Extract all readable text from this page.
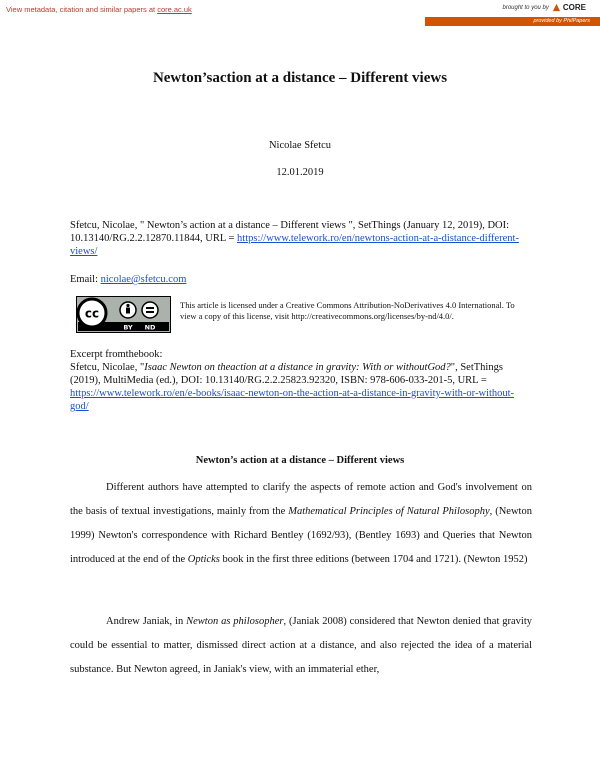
View metadata, citation and similar papers at core.ac.uk	brought to you by CORE
provided by PhilPapers
Newton’saction at a distance – Different views
Nicolae Sfetcu
12.01.2019
Sfetcu, Nicolae, " Newton’s action at a distance – Different views ", SetThings (January 12, 2019), DOI: 10.13140/RG.2.2.12870.11844, URL = https://www.telework.ro/en/newtons-action-at-a-distance-different-views/
Email: nicolae@sfetcu.com
cc
BY ND
This article is licensed under a Creative Commons Attribution-NoDerivatives 4.0 International. To view a copy of this license, visit http://creativecommons.org/licenses/by-nd/4.0/.
Excerpt fromthebook:
Sfetcu, Nicolae, "Isaac Newton on theaction at a distance in gravity: With or withoutGod?", SetThings (2019), MultiMedia (ed.), DOI: 10.13140/RG.2.2.25823.92320, ISBN: 978-606-033-201-5, URL = https://www.telework.ro/en/e-books/isaac-newton-on-the-action-at-a-distance-in-gravity-with-or-without-god/
Newton’s action at a distance – Different views
Different authors have attempted to clarify the aspects of remote action and God's involvement on the basis of textual investigations, mainly from the Mathematical Principles of Natural Philosophy, (Newton 1999) Newton's correspondence with Richard Bentley (1692/93), (Bentley 1693) and Queries that Newton introduced at the end of the Opticks book in the first three editions (between 1704 and 1721). (Newton 1952)
Andrew Janiak, in Newton as philosopher, (Janiak 2008) considered that Newton denied that gravity could be essential to matter, dismissed direct action at a distance, and also rejected the idea of a material substance. But Newton agreed, in Janiak's view, with an immaterial ether,
